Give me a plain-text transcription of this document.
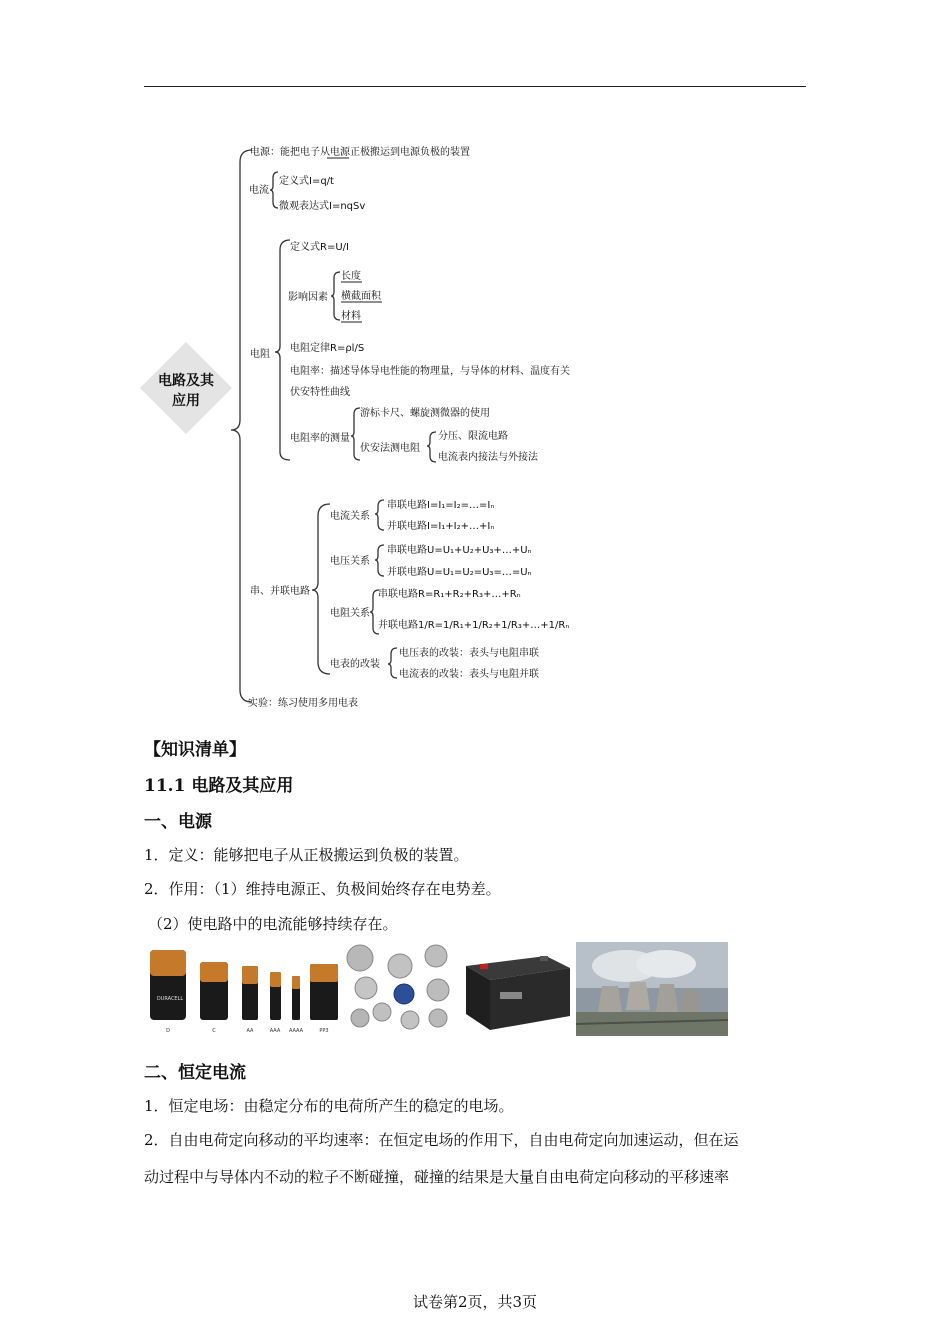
电路及其
应用
电源：能把电子从电源正极搬运到电源负极的装置
电流
定义式I=q/t
微观表达式I=nqSv
电阻
定义式R=U/I
影响因素
长度
横截面积
材料
电阻定律R=ρl/S
电阻率：描述导体导电性能的物理量，与导体的材料、温度有关
伏安特性曲线
电阻率的测量
游标卡尺、螺旋测微器的使用
伏安法测电阻
分压、限流电路
电流表内接法与外接法
串、并联电路
电流关系
串联电路I=I₁=I₂=…=Iₙ
并联电路I=I₁+I₂+…+Iₙ
电压关系
串联电路U=U₁+U₂+U₃+…+Uₙ
并联电路U=U₁=U₂=U₃=…=Uₙ
电阻关系
串联电路R=R₁+R₂+R₃+…+Rₙ
并联电路1/R=1/R₁+1/R₂+1/R₃+…+1/Rₙ
电表的改装
电压表的改装：表头与电阻串联
电流表的改装：表头与电阻并联
实验：练习使用多用电表
【知识清单】
11.1 电路及其应用
一、电源
1．定义：能够把电子从正极搬运到负极的装置。
2．作用：（1）维持电源正、负极间始终存在电势差。
（2）使电路中的电流能够持续存在。
DURACELL
D	C	AA	AAA AAAA	PP3
二、恒定电流
1．恒定电场：由稳定分布的电荷所产生的稳定的电场。
2．自由电荷定向移动的平均速率：在恒定电场的作用下，自由电荷定向加速运动，但在运
动过程中与导体内不动的粒子不断碰撞，碰撞的结果是大量自由电荷定向移动的平移速率
试卷第2页，共3页
